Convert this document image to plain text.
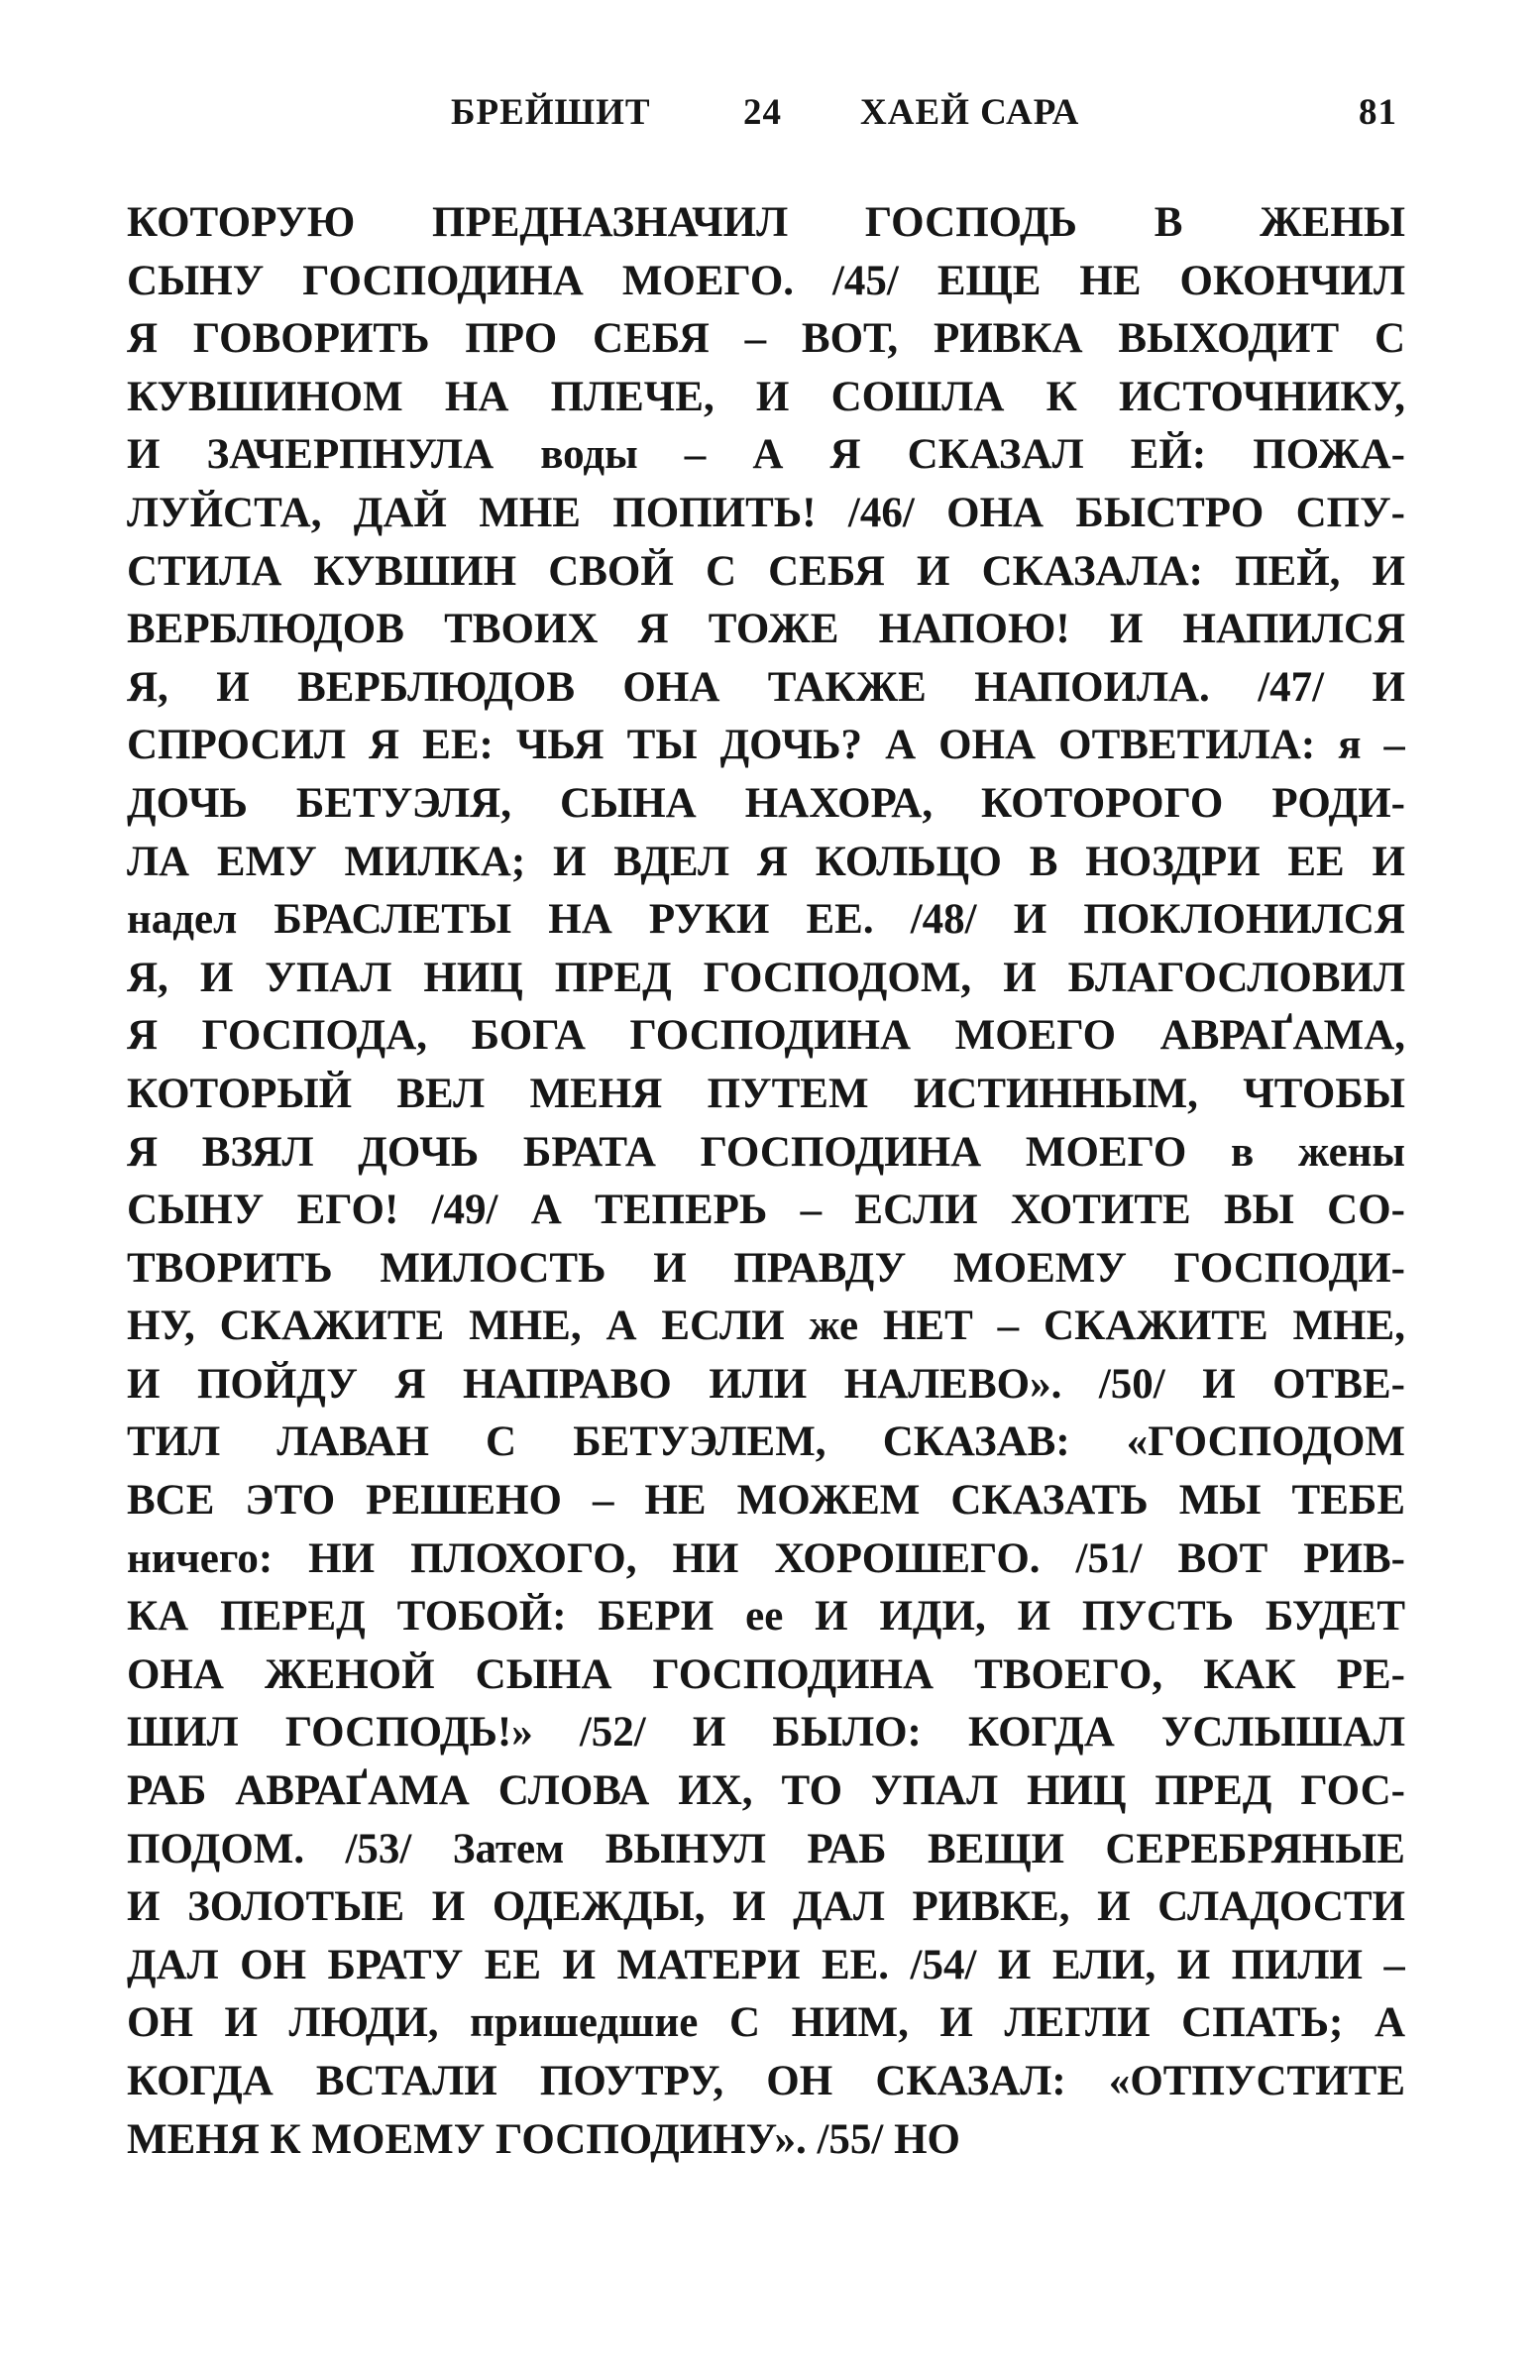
БРЕЙШИТ	24 ХАЕЙ САРА	81
КОТОРУЮ ПРЕДНАЗНАЧИЛ ГОСПОДЬ В ЖЕНЫ
СЫНУ ГОСПОДИНА МОЕГО. /45/ ЕЩЕ НЕ ОКОНЧИЛ
Я ГОВОРИТЬ ПРО СЕБЯ – ВОТ, РИВКА ВЫХОДИТ С
КУВШИНОМ НА ПЛЕЧЕ, И СОШЛА К ИСТОЧНИКУ,
И ЗАЧЕРПНУЛА воды – А Я СКАЗАЛ ЕЙ: ПОЖА-
ЛУЙСТА, ДАЙ МНЕ ПОПИТЬ! /46/ ОНА БЫСТРО СПУ-
СТИЛА КУВШИН СВОЙ С СЕБЯ И СКАЗАЛА: ПЕЙ, И
ВЕРБЛЮДОВ ТВОИХ Я ТОЖЕ НАПОЮ! И НАПИЛСЯ
Я, И ВЕРБЛЮДОВ ОНА ТАКЖЕ НАПОИЛА. /47/ И
СПРОСИЛ Я ЕЕ: ЧЬЯ ТЫ ДОЧЬ? А ОНА ОТВЕТИЛА: я –
ДОЧЬ БЕТУЭЛЯ, СЫНА НАХОРА, КОТОРОГО РОДИ-
ЛА ЕМУ МИЛКА; И ВДЕЛ Я КОЛЬЦО В НОЗДРИ ЕЕ И
надел БРАСЛЕТЫ НА РУКИ ЕЕ. /48/ И ПОКЛОНИЛСЯ
Я, И УПАЛ НИЦ ПРЕД ГОСПОДОМ, И БЛАГОСЛОВИЛ
Я ГОСПОДА, БОГА ГОСПОДИНА МОЕГО АВРАҐАМА,
КОТОРЫЙ ВЕЛ МЕНЯ ПУТЕМ ИСТИННЫМ, ЧТОБЫ
Я ВЗЯЛ ДОЧЬ БРАТА ГОСПОДИНА МОЕГО в жены
СЫНУ ЕГО! /49/ А ТЕПЕРЬ – ЕСЛИ ХОТИТЕ ВЫ СО-
ТВОРИТЬ МИЛОСТЬ И ПРАВДУ МОЕМУ ГОСПОДИ-
НУ, СКАЖИТЕ МНЕ, А ЕСЛИ же НЕТ – СКАЖИТЕ МНЕ,
И ПОЙДУ Я НАПРАВО ИЛИ НАЛЕВО». /50/ И ОТВЕ-
ТИЛ ЛАВАН С БЕТУЭЛЕМ, СКАЗАВ: «ГОСПОДОМ
ВСЕ ЭТО РЕШЕНО – НЕ МОЖЕМ СКАЗАТЬ МЫ ТЕБЕ
ничего: НИ ПЛОХОГО, НИ ХОРОШЕГО. /51/ ВОТ РИВ-
КА ПЕРЕД ТОБОЙ: БЕРИ ее И ИДИ, И ПУСТЬ БУДЕТ
ОНА ЖЕНОЙ СЫНА ГОСПОДИНА ТВОЕГО, КАК РЕ-
ШИЛ ГОСПОДЬ!» /52/ И БЫЛО: КОГДА УСЛЫШАЛ
РАБ АВРАҐАМА СЛОВА ИХ, ТО УПАЛ НИЦ ПРЕД ГОС-
ПОДОМ. /53/ Затем ВЫНУЛ РАБ ВЕЩИ СЕРЕБРЯНЫЕ
И ЗОЛОТЫЕ И ОДЕЖДЫ, И ДАЛ РИВКЕ, И СЛАДОСТИ
ДАЛ ОН БРАТУ ЕЕ И МАТЕРИ ЕЕ. /54/ И ЕЛИ, И ПИЛИ –
ОН И ЛЮДИ, пришедшие С НИМ, И ЛЕГЛИ СПАТЬ; А
КОГДА ВСТАЛИ ПОУТРУ, ОН СКАЗАЛ: «ОТПУСТИТЕ
МЕНЯ К МОЕМУ ГОСПОДИНУ». /55/ НО
